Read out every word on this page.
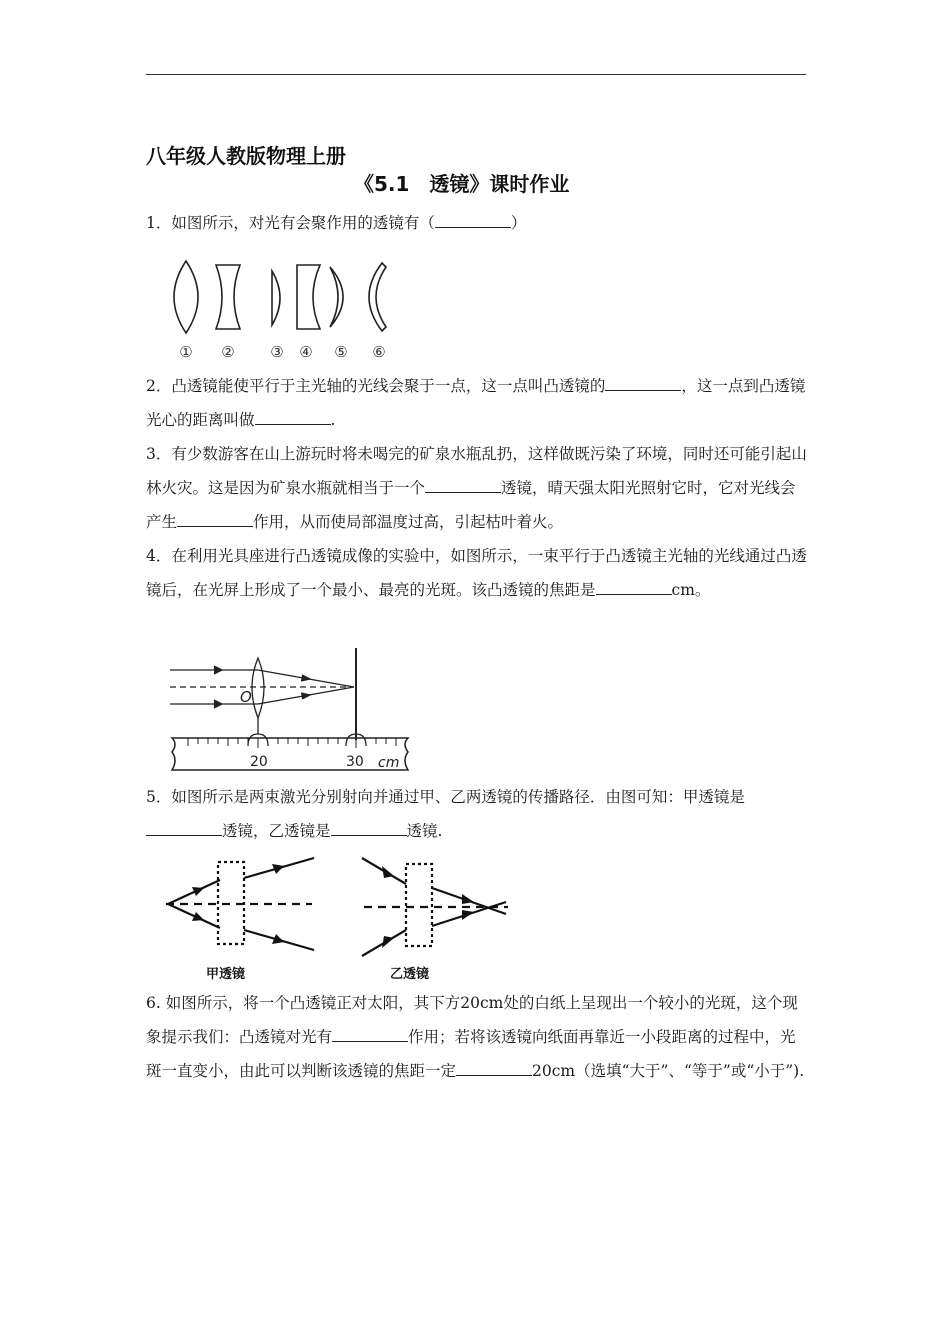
八年级人教版物理上册
《5.1　透镜》课时作业
1．如图所示，对光有会聚作用的透镜有（	）
① ② ③ ④ ⑤ ⑥
2．凸透镜能使平行于主光轴的光线会聚于一点，这一点叫凸透镜的	，这一点到凸透镜光心的距离叫做	.
3．有少数游客在山上游玩时将未喝完的矿泉水瓶乱扔，这样做既污染了环境，同时还可能引起山林火灾。这是因为矿泉水瓶就相当于一个	透镜，晴天强太阳光照射它时，它对光线会产生	作用，从而使局部温度过高，引起枯叶着火。
4．在利用光具座进行凸透镜成像的实验中，如图所示，一束平行于凸透镜主光轴的光线通过凸透镜后，在光屏上形成了一个最小、最亮的光斑。该凸透镜的焦距是	cm。
O
20	30 cm
5．如图所示是两束激光分别射向并通过甲、乙两透镜的传播路径．由图可知：甲透镜是透镜，乙透镜是	透镜.
甲透镜	乙透镜
6. 如图所示，将一个凸透镜正对太阳，其下方20cm处的白纸上呈现出一个较小的光斑，这个现象提示我们：凸透镜对光有	作用；若将该透镜向纸面再靠近一小段距离的过程中，光斑一直变小，由此可以判断该透镜的焦距一定	20cm（选填“大于”、“等于”或“小于”).
